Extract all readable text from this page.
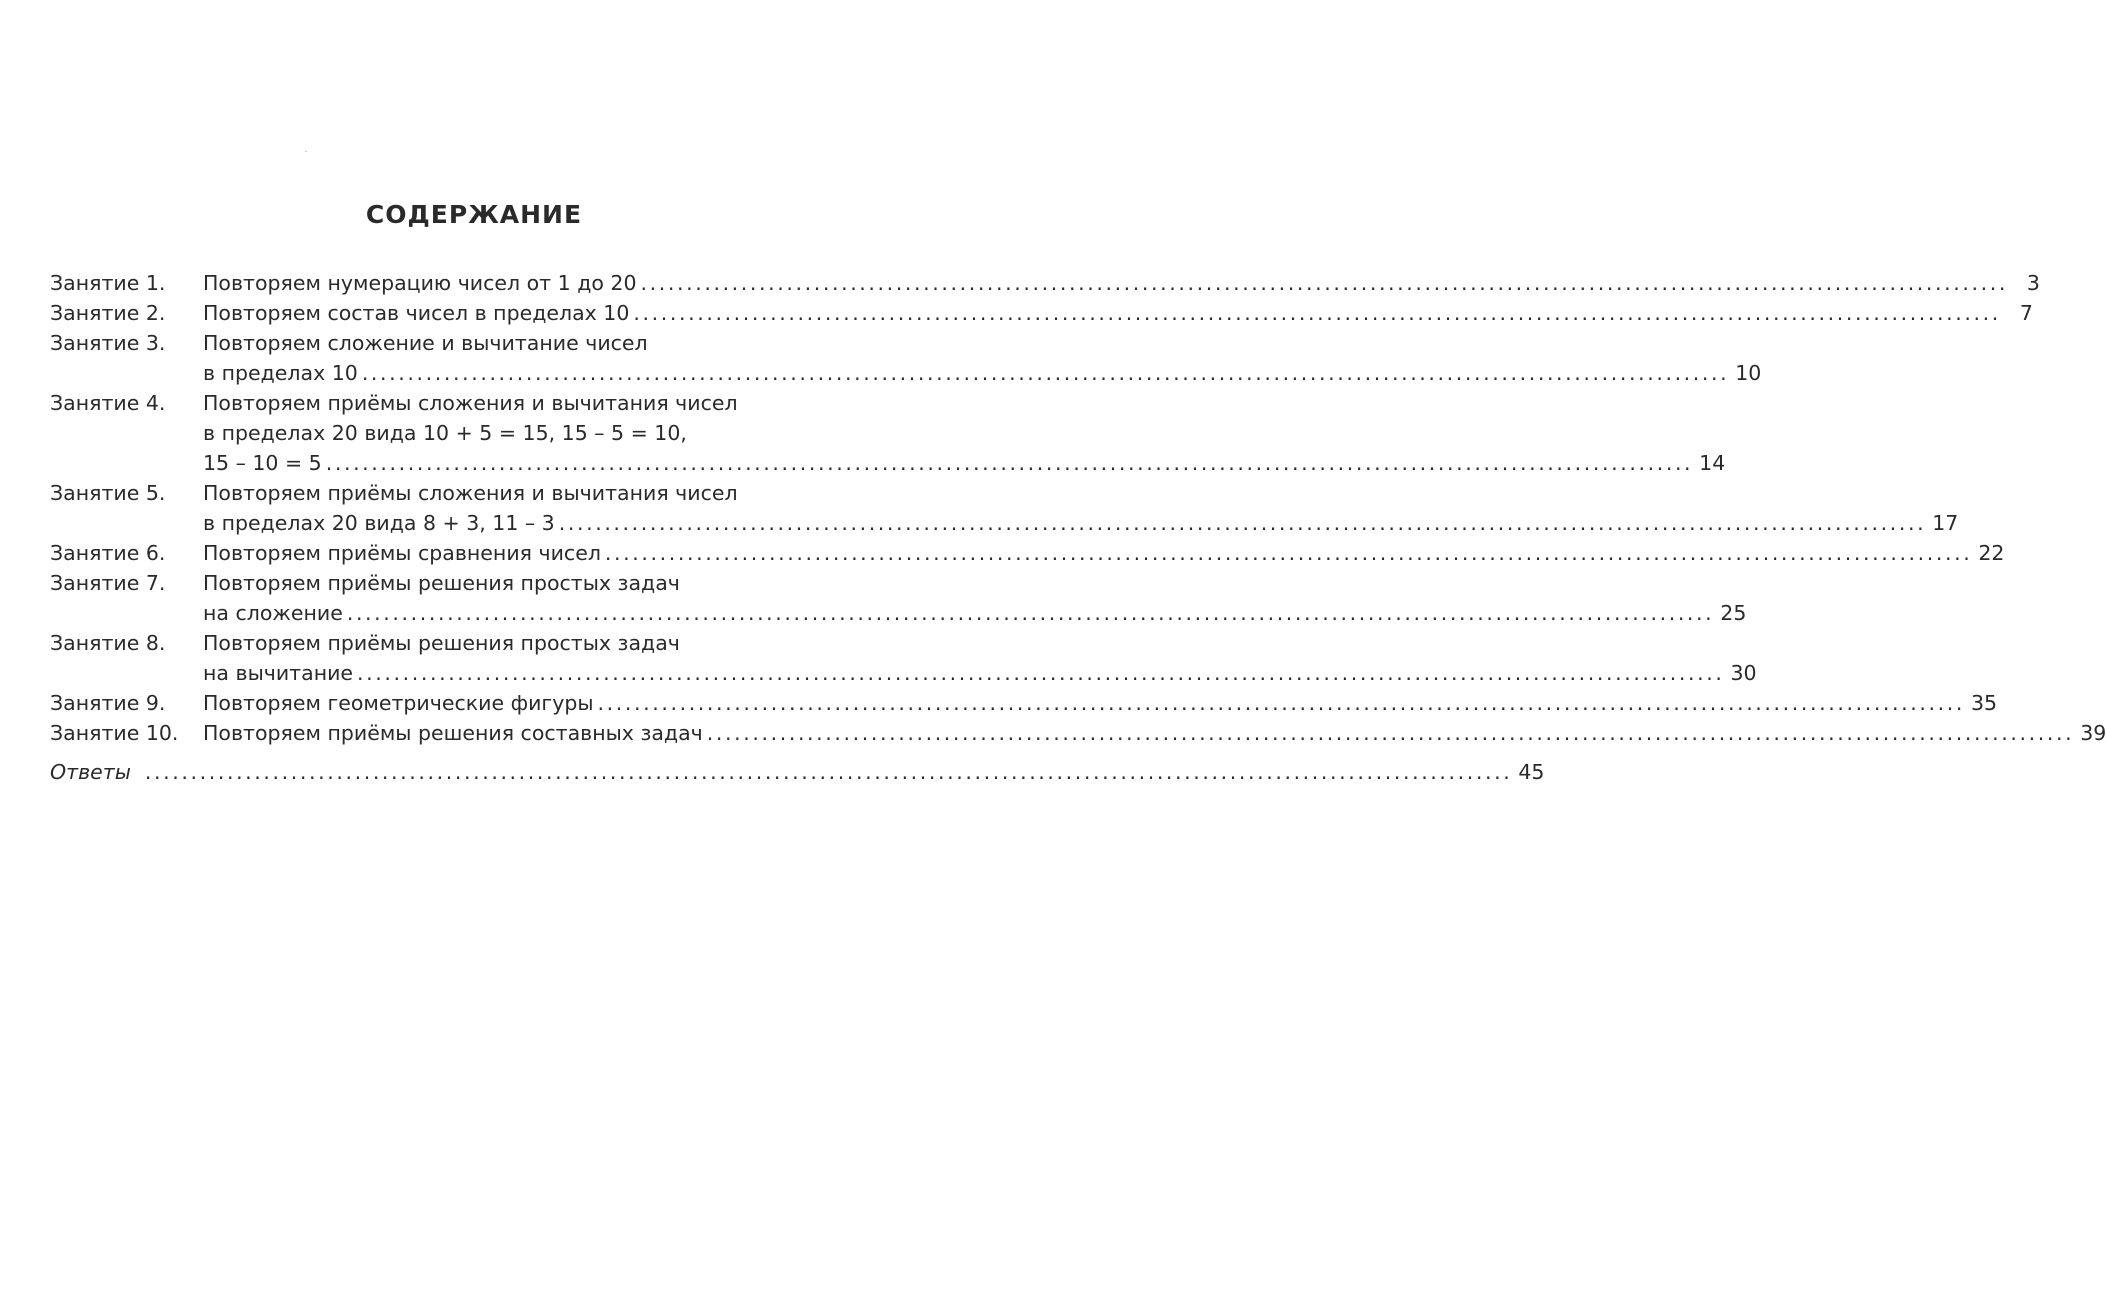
СОДЕРЖАНИЕ
Занятие 1.	Повторяем нумерацию чисел от 1 до 20 ...................................................................................................................................................... 3
Занятие 2.	Повторяем состав чисел в пределах 10 ...................................................................................................................................................... 7
Занятие 3.	Повторяем сложение и вычитание чисел
в пределах 10 ...................................................................................................................................................... 10
Занятие 4.	Повторяем приёмы сложения и вычитания чисел
в пределах 20 вида 10 + 5 = 15, 15 – 5 = 10,
15 – 10 = 5 ...................................................................................................................................................... 14
Занятие 5.	Повторяем приёмы сложения и вычитания чисел
в пределах 20 вида 8 + 3, 11 – 3 ...................................................................................................................................................... 17
Занятие 6.	Повторяем приёмы сравнения чисел ...................................................................................................................................................... 22
Занятие 7.	Повторяем приёмы решения простых задач
на сложение ...................................................................................................................................................... 25
Занятие 8.	Повторяем приёмы решения простых задач
на вычитание ...................................................................................................................................................... 30
Занятие 9.	Повторяем геометрические фигуры ...................................................................................................................................................... 35
Занятие 10.	Повторяем приёмы решения составных задач ...................................................................................................................................................... 39
Ответы ...................................................................................................................................................... 45
